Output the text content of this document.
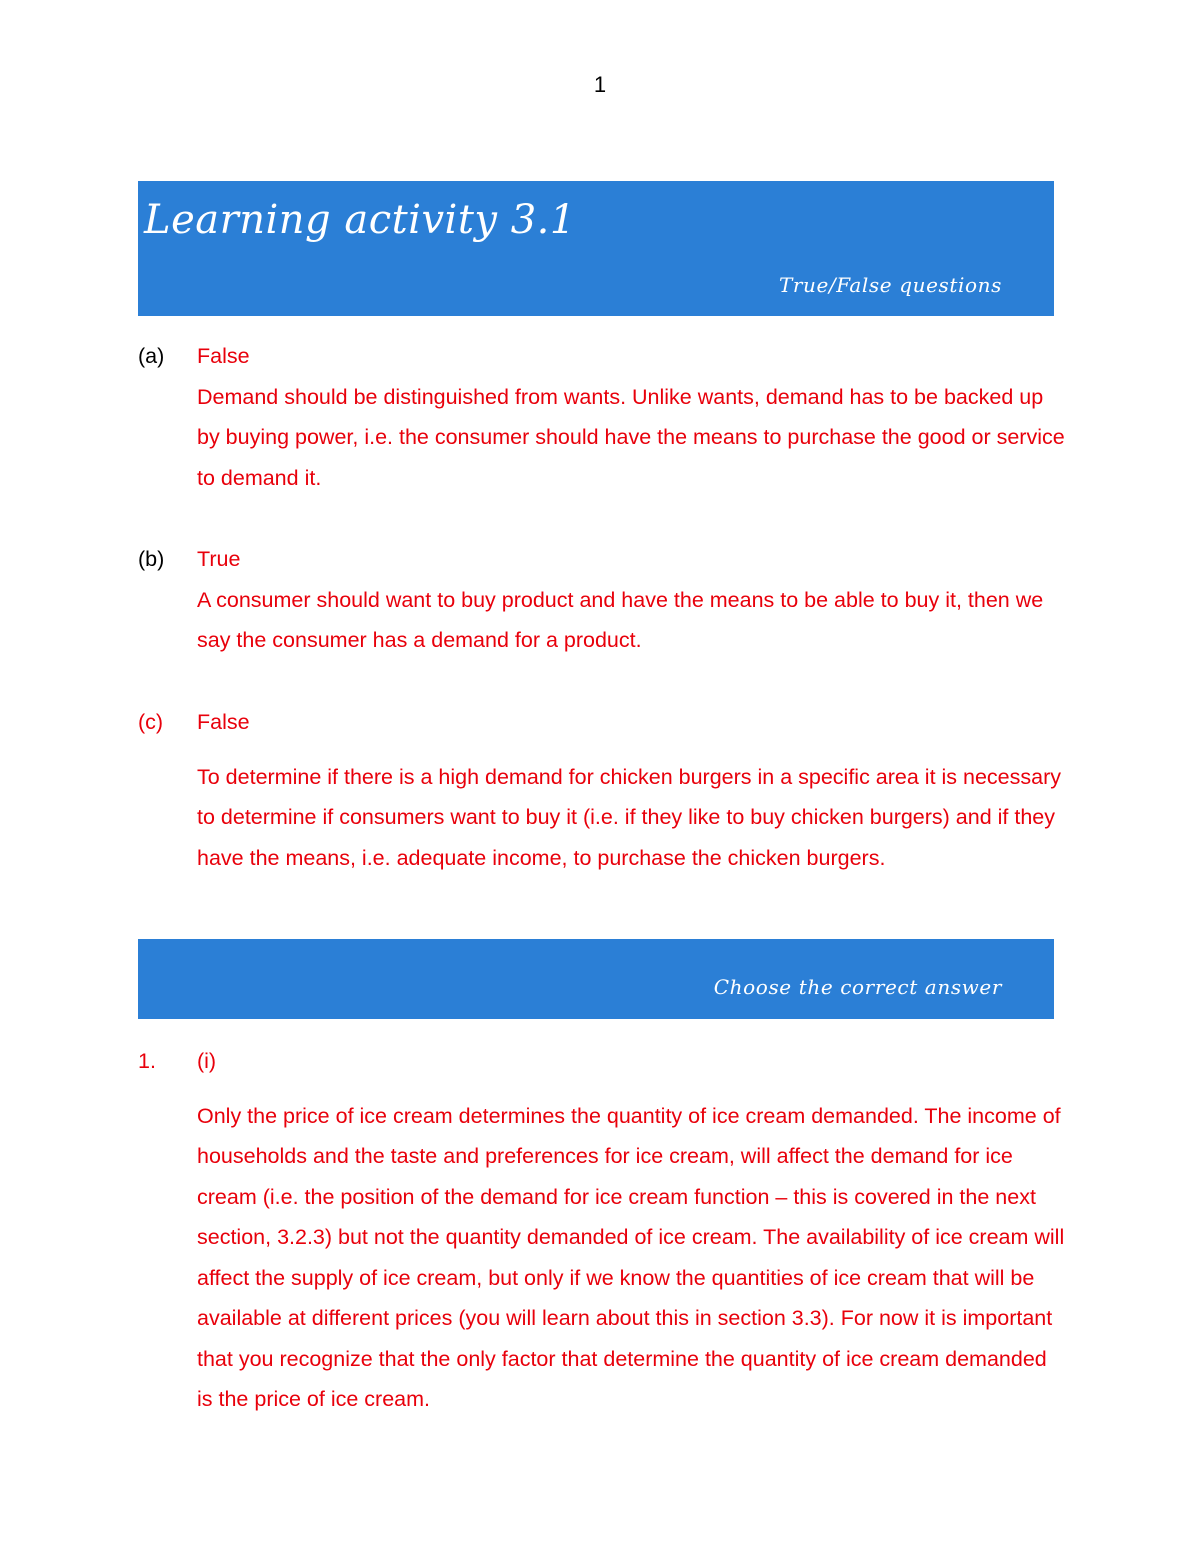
1
Learning activity 3.1
True/False questions
(a) False
Demand should be distinguished from wants. Unlike wants, demand has to be backed up by buying power, i.e. the consumer should have the means to purchase the good or service to demand it.
(b) True
A consumer should want to buy product and have the means to be able to buy it, then we say the consumer has a demand for a product.
(c) False
To determine if there is a high demand for chicken burgers in a specific area it is necessary to determine if consumers want to buy it (i.e. if they like to buy chicken burgers) and if they have the means, i.e. adequate income, to purchase the chicken burgers.
Choose the correct answer
1. (i)
Only the price of ice cream determines the quantity of ice cream demanded. The income of households and the taste and preferences for ice cream, will affect the demand for ice cream (i.e. the position of the demand for ice cream function – this is covered in the next section, 3.2.3) but not the quantity demanded of ice cream. The availability of ice cream will affect the supply of ice cream, but only if we know the quantities of ice cream that will be available at different prices (you will learn about this in section 3.3). For now it is important that you recognize that the only factor that determine the quantity of ice cream demanded is the price of ice cream.
